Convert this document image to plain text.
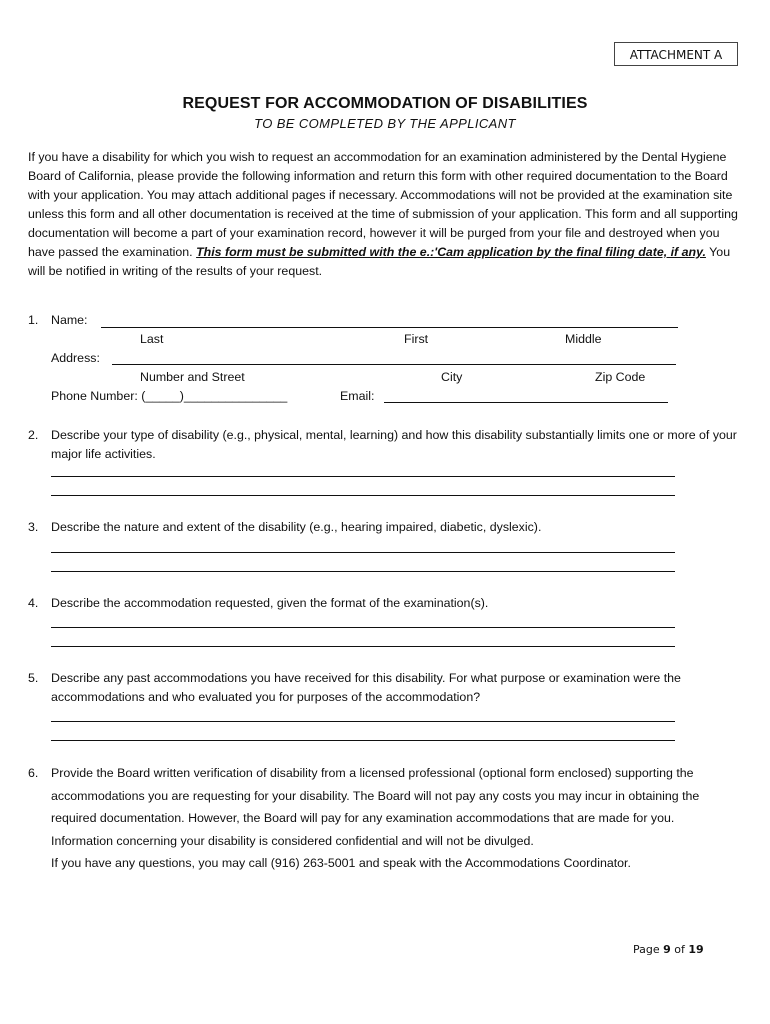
ATTACHMENT A
REQUEST FOR ACCOMMODATION OF DISABILITIES
TO BE COMPLETED BY THE APPLICANT
If you have a disability for which you wish to request an accommodation for an examination administered by the Dental Hygiene Board of California, please provide the following information and return this form with other required documentation to the Board with your application. You may attach additional pages if necessary. Accommodations will not be provided at the examination site unless this form and all other documentation is received at the time of submission of your application. This form and all supporting documentation will become a part of your examination record, however it will be purged from your file and destroyed when you have passed the examination. This form must be submitted with the e.:'Cam application by the final filing date, if any. You will be notified in writing of the results of your request.
1. Name:
Last	First	Middle
Address:
Number and Street	City	Zip Code
Phone Number: (_____)_______________	Email:
2. Describe your type of disability (e.g., physical, mental, learning) and how this disability substantially limits one or more of your major life activities.
3. Describe the nature and extent of the disability (e.g., hearing impaired, diabetic, dyslexic).
4. Describe the accommodation requested, given the format of the examination(s).
5. Describe any past accommodations you have received for this disability. For what purpose or examination were the accommodations and who evaluated you for purposes of the accommodation?
6. Provide the Board written verification of disability from a licensed professional (optional form enclosed) supporting the accommodations you are requesting for your disability. The Board will not pay any costs you may incur in obtaining the required documentation. However, the Board will pay for any examination accommodations that are made for you. Information concerning your disability is considered confidential and will not be divulged.
If you have any questions, you may call (916) 263-5001 and speak with the Accommodations Coordinator.
Page 9 of 19
